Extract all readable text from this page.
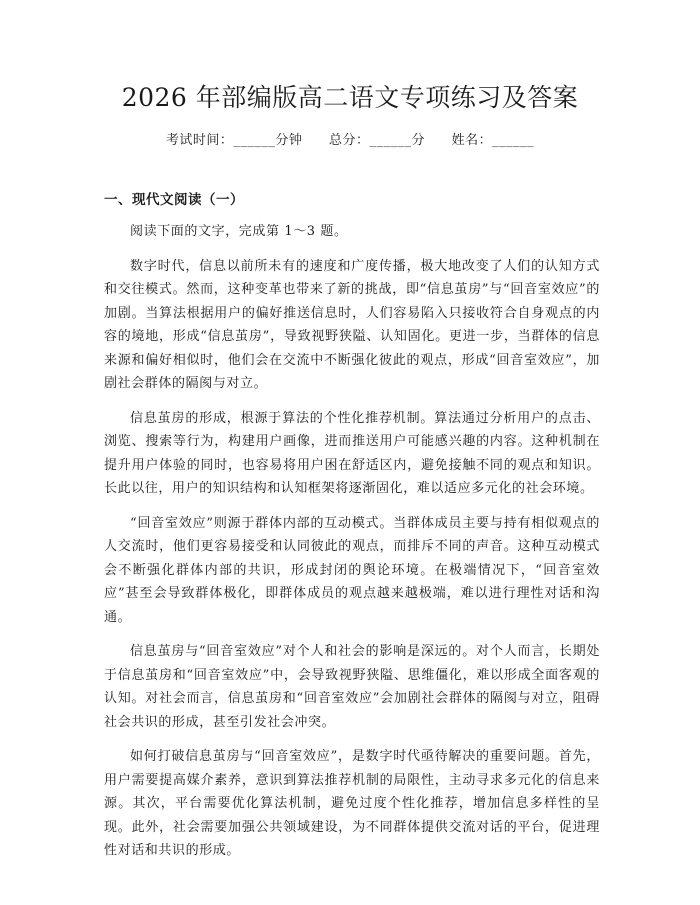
2026 年部编版高二语文专项练习及答案
考试时间：______分钟 总分：______分 姓名：______
一、现代文阅读（一）

阅读下面的文字，完成第 1～3 题。

数字时代，信息以前所未有的速度和广度传播，极大地改变了人们的认知方式和交往模式。然而，这种变革也带来了新的挑战，即“信息茧房”与“回音室效应”的加剧。当算法根据用户的偏好推送信息时，人们容易陷入只接收符合自身观点的内容的境地，形成“信息茧房”，导致视野狭隘、认知固化。更进一步，当群体的信息来源和偏好相似时，他们会在交流中不断强化彼此的观点，形成“回音室效应”，加剧社会群体的隔阂与对立。

信息茧房的形成，根源于算法的个性化推荐机制。算法通过分析用户的点击、浏览、搜索等行为，构建用户画像，进而推送用户可能感兴趣的内容。这种机制在提升用户体验的同时，也容易将用户困在舒适区内，避免接触不同的观点和知识。长此以往，用户的知识结构和认知框架将逐渐固化，难以适应多元化的社会环境。

“回音室效应”则源于群体内部的互动模式。当群体成员主要与持有相似观点的人交流时，他们更容易接受和认同彼此的观点，而排斥不同的声音。这种互动模式会不断强化群体内部的共识，形成封闭的舆论环境。在极端情况下，“回音室效应”甚至会导致群体极化，即群体成员的观点越来越极端，难以进行理性对话和沟通。

信息茧房与“回音室效应”对个人和社会的影响是深远的。对个人而言，长期处于信息茧房和“回音室效应”中，会导致视野狭隘、思维僵化，难以形成全面客观的认知。对社会而言，信息茧房和“回音室效应”会加剧社会群体的隔阂与对立，阻碍社会共识的形成，甚至引发社会冲突。

如何打破信息茧房与“回音室效应”，是数字时代亟待解决的重要问题。首先，用户需要提高媒介素养，意识到算法推荐机制的局限性，主动寻求多元化的信息来源。其次，平台需要优化算法机制，避免过度个性化推荐，增加信息多样性的呈现。此外，社会需要加强公共领域建设，为不同群体提供交流对话的平台，促进理性对话和共识的形成。
